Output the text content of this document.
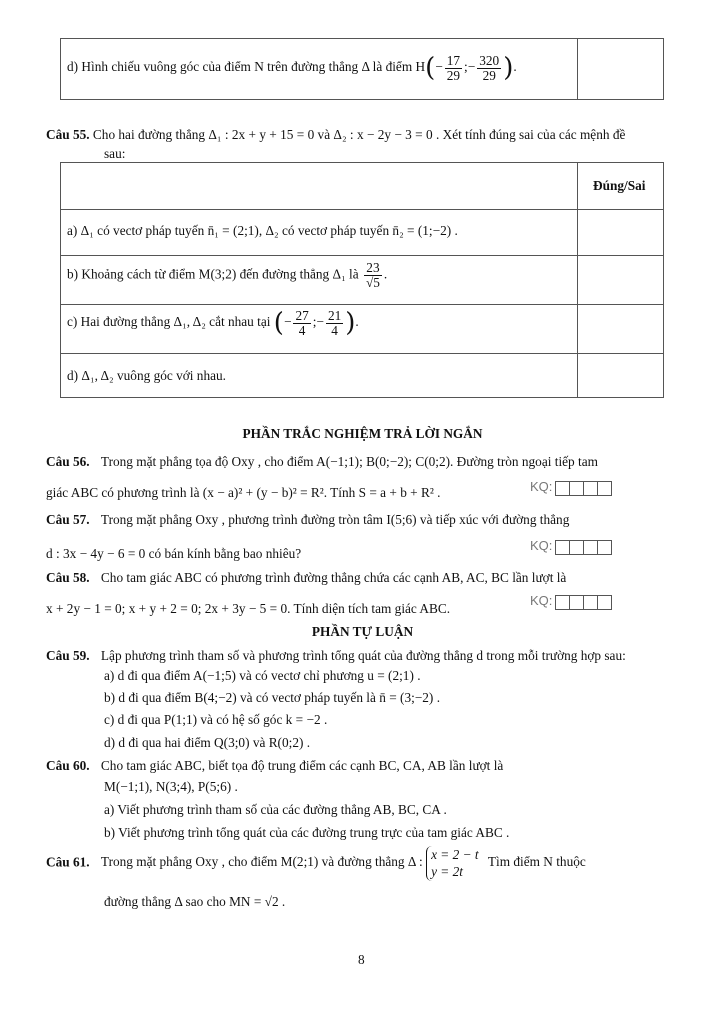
d) Hình chiếu vuông góc của điểm N trên đường thẳng Δ là điểm $H(- \frac{17}{29}$ ;− $\frac{320}{29}$ ).
Câu 55. Cho hai đường thẳng Δ₁ : 2x + y + 15 = 0 và Δ₂ : x − 2y − 3 = 0 . Xét tính đúng sai của các mệnh đề
sau:
Đúng/Sai
a) Δ₁ có vectơ pháp tuyến n̄₁ = (2;1), Δ₂ có vectơ pháp tuyến n̄₂ = (1;−2) .
b) Khoảng cách từ điểm M(3;2) đến đường thẳng Δ₁ là $\frac{23}{√5}$ .
c) Hai đường thẳng Δ₁, Δ₂ cắt nhau tại (− $\frac{27}{4}$ ;− $\frac{21}{4}$ ).
d) Δ₁, Δ₂ vuông góc với nhau.
PHẦN TRẮC NGHIỆM TRẢ LỜI NGẮN
Câu 56. Trong mặt phẳng tọa độ Oxy , cho điểm A(−1;1); B(0;−2); C(0;2). Đường tròn ngoại tiếp tam
giác ABC có phương trình là (x − a)² + (y − b)² = R². Tính S = a + b + R² .	KQ:
Câu 57. Trong mặt phẳng Oxy , phương trình đường tròn tâm I(5;6) và tiếp xúc với đường thẳng
d : 3x − 4y − 6 = 0 có bán kính bằng bao nhiêu?
KQ:
Câu 58. Cho tam giác ABC có phương trình đường thẳng chứa các cạnh AB, AC, BC lần lượt là
x + 2y − 1 = 0; x + y + 2 = 0; 2x + 3y − 5 = 0. Tính diện tích tam giác ABC.
KQ:
PHẦN TỰ LUẬN
Câu 59. Lập phương trình tham số và phương trình tổng quát của đường thẳng d trong mỗi trường hợp sau:
a) d đi qua điểm A(−1;5) và có vectơ chỉ phương u = (2;1) .
b) d đi qua điểm B(4;−2) và có vectơ pháp tuyến là n̄ = (3;−2) .
c) d đi qua P(1;1) và có hệ số góc k = −2 .
d) d đi qua hai điểm Q(3;0) và R(0;2) .
Câu 60. Cho tam giác ABC, biết tọa độ trung điểm các cạnh BC, CA, AB lần lượt là
M(−1;1), N(3;4), P(5;6) .
a) Viết phương trình tham số của các đường thẳng AB, BC, CA .
b) Viết phương trình tổng quát của các đường trung trực của tam giác ABC .
Câu 61. Trong mặt phẳng Oxy , cho điểm M(2;1) và đường thẳng Δ : x = 2 − t
y = 2t
Tìm điểm N thuộc
đường thẳng Δ sao cho MN = √2 .
8
